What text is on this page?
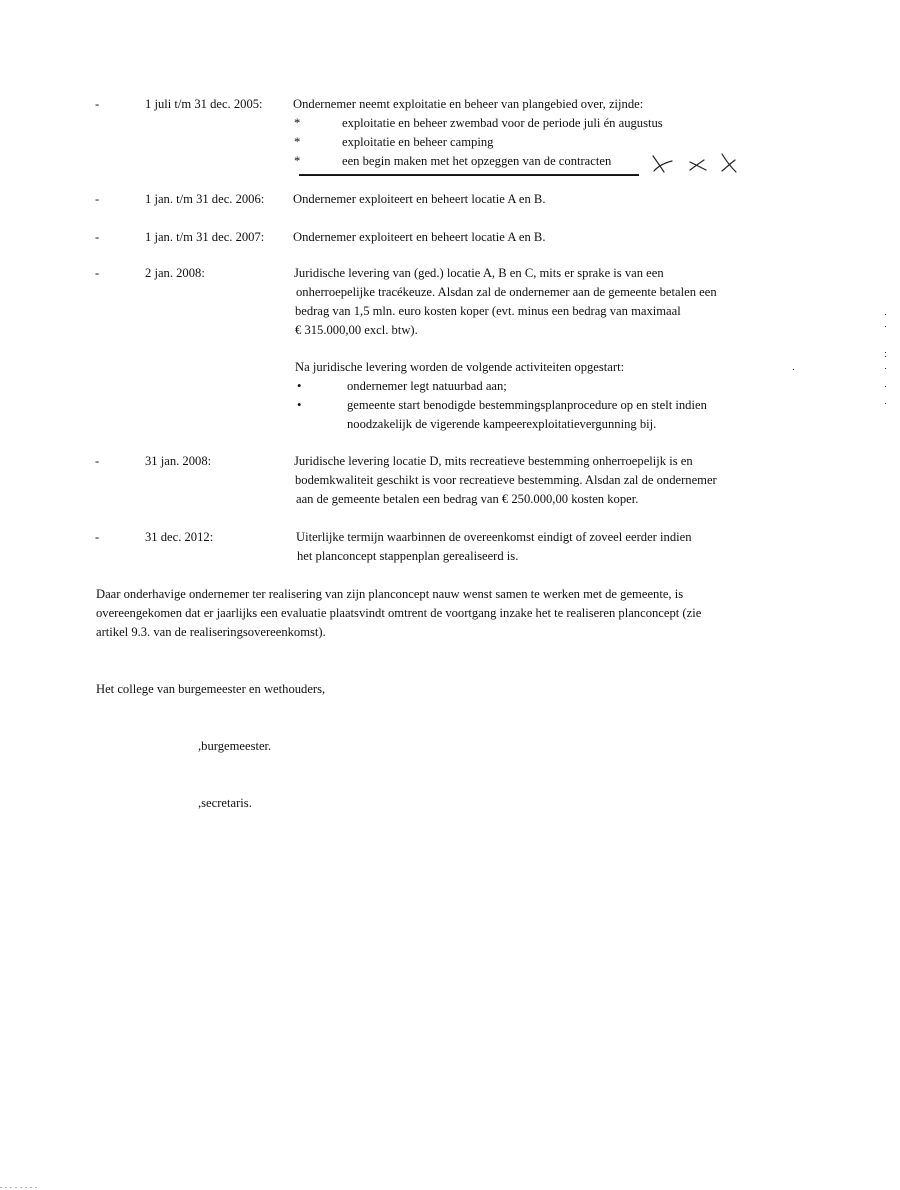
-	1 juli t/m 31 dec. 2005: Ondernemer neemt exploitatie en beheer van plangebied over, zijnde:
*	exploitatie en beheer zwembad voor de periode juli én augustus
*	exploitatie en beheer camping
*	een begin maken met het opzeggen van de contracten
-	1 jan. t/m 31 dec. 2006: Ondernemer exploiteert en beheert locatie A en B.
-	1 jan. t/m 31 dec. 2007: Ondernemer exploiteert en beheert locatie A en B.
-	2 jan. 2008:	Juridische levering van (ged.) locatie A, B en C, mits er sprake is van een
onherroepelijke tracékeuze. Alsdan zal de ondernemer aan de gemeente betalen een
bedrag van 1,5 mln. euro kosten koper (evt. minus een bedrag van maximaal
€ 315.000,00 excl. btw).
Na juridische levering worden de volgende activiteiten opgestart:
•	ondernemer legt natuurbad aan;
•	gemeente start benodigde bestemmingsplanprocedure op en stelt indien
noodzakelijk de vigerende kampeerexploitatievergunning bij.
-	31 jan. 2008:	Juridische levering locatie D, mits recreatieve bestemming onherroepelijk is en
bodemkwaliteit geschikt is voor recreatieve bestemming. Alsdan zal de ondernemer
aan de gemeente betalen een bedrag van € 250.000,00 kosten koper.
-	31 dec. 2012:	Uiterlijke termijn waarbinnen de overeenkomst eindigt of zoveel eerder indien
het planconcept stappenplan gerealiseerd is.
Daar onderhavige ondernemer ter realisering van zijn planconcept nauw wenst samen te werken met de gemeente, is
overeengekomen dat er jaarlijks een evaluatie plaatsvindt omtrent de voortgang inzake het te realiseren planconcept (zie
artikel 9.3. van de realiseringsovereenkomst).
Het college van burgemeester en wethouders,
,burgemeester.
,secretaris.
........
